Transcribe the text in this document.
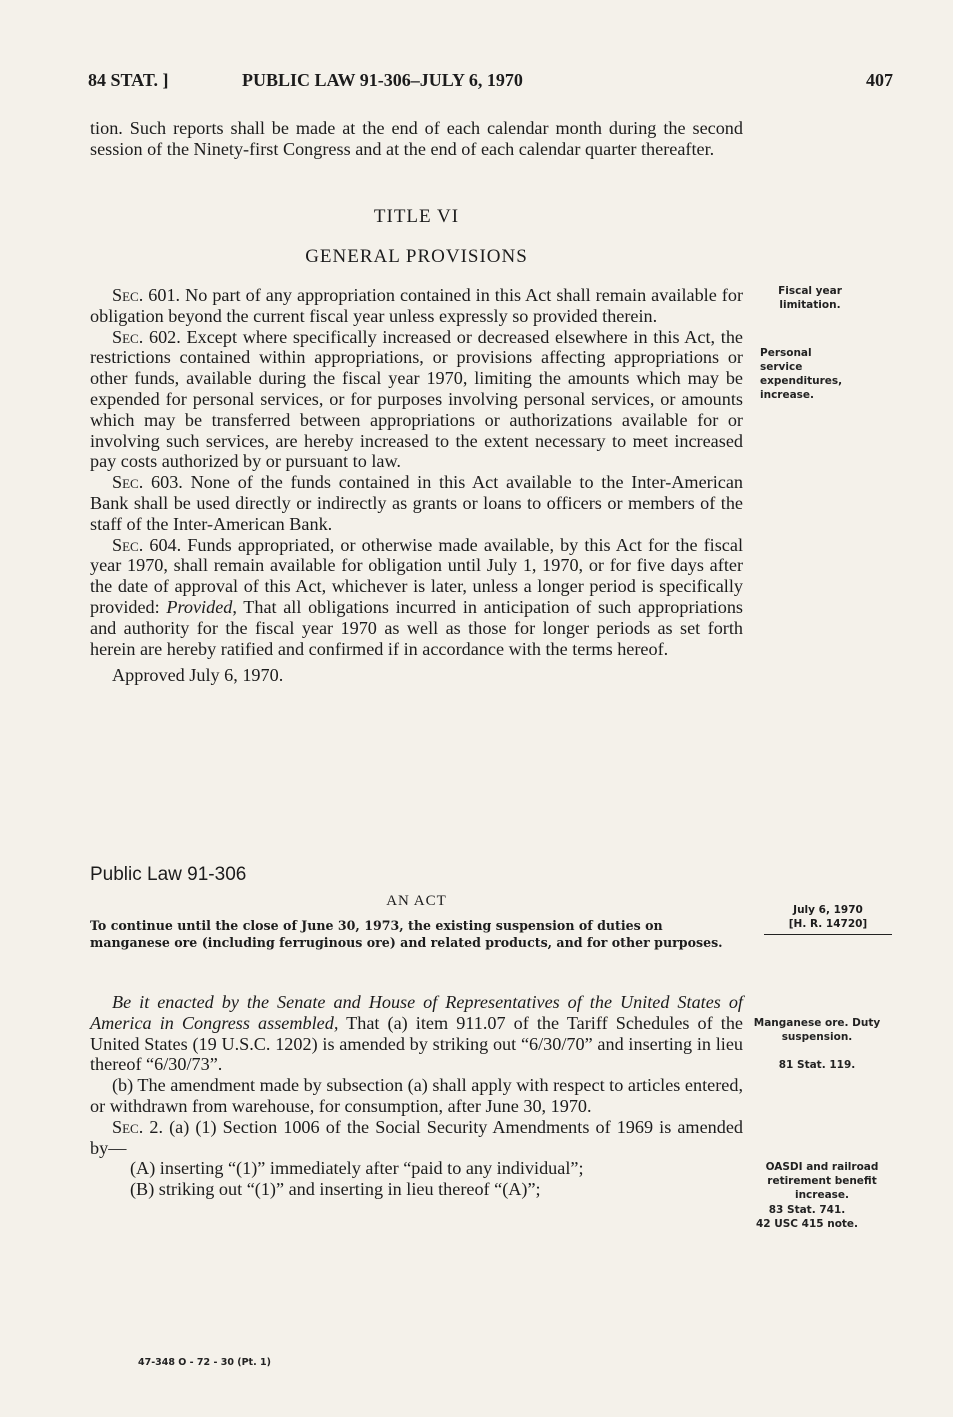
84 STAT. ]	PUBLIC LAW 91-306–JULY 6, 1970	407

tion. Such reports shall be made at the end of each calendar month during the second session of the Ninety-first Congress and at the end of each calendar quarter thereafter.

TITLE VI
GENERAL PROVISIONS

Sec. 601. No part of any appropriation contained in this Act shall remain available for obligation beyond the current fiscal year unless expressly so provided therein.

Sec. 602. Except where specifically increased or decreased elsewhere in this Act, the restrictions contained within appropriations, or provisions affecting appropriations or other funds, available during the fiscal year 1970, limiting the amounts which may be expended for personal services, or for purposes involving personal services, or amounts which may be transferred between appropriations or authorizations available for or involving such services, are hereby increased to the extent necessary to meet increased pay costs authorized by or pursuant to law.

Sec. 603. None of the funds contained in this Act available to the Inter-American Bank shall be used directly or indirectly as grants or loans to officers or members of the staff of the Inter-American Bank.

Sec. 604. Funds appropriated, or otherwise made available, by this Act for the fiscal year 1970, shall remain available for obligation until July 1, 1970, or for five days after the date of approval of this Act, whichever is later, unless a longer period is specifically provided: Provided, That all obligations incurred in anticipation of such appropriations and authority for the fiscal year 1970 as well as those for longer periods as set forth herein are hereby ratified and confirmed if in accordance with the terms hereof.

Approved July 6, 1970.

Public Law 91-306
AN ACT
To continue until the close of June 30, 1973, the existing suspension of duties on manganese ore (including ferruginous ore) and related products, and for other purposes.
July 6, 1970
[H. R. 14720]

Be it enacted by the Senate and House of Representatives of the United States of America in Congress assembled, That (a) item 911.07 of the Tariff Schedules of the United States (19 U.S.C. 1202) is amended by striking out “6/30/70” and inserting in lieu thereof “6/30/73”.

(b) The amendment made by subsection (a) shall apply with respect to articles entered, or withdrawn from warehouse, for consumption, after June 30, 1970.

Sec. 2. (a) (1) Section 1006 of the Social Security Amendments of 1969 is amended by—

(A) inserting “(1)” immediately after “paid to any individual”;

(B) striking out “(1)” and inserting in lieu thereof “(A)”;

Fiscal year limitation.
Personal service expenditures, increase.
Manganese ore. Duty suspension.
81 Stat. 119.
OASDI and railroad retirement benefit increase.
83 Stat. 741.
42 USC 415 note.
47-348 O - 72 - 30 (Pt. 1)
